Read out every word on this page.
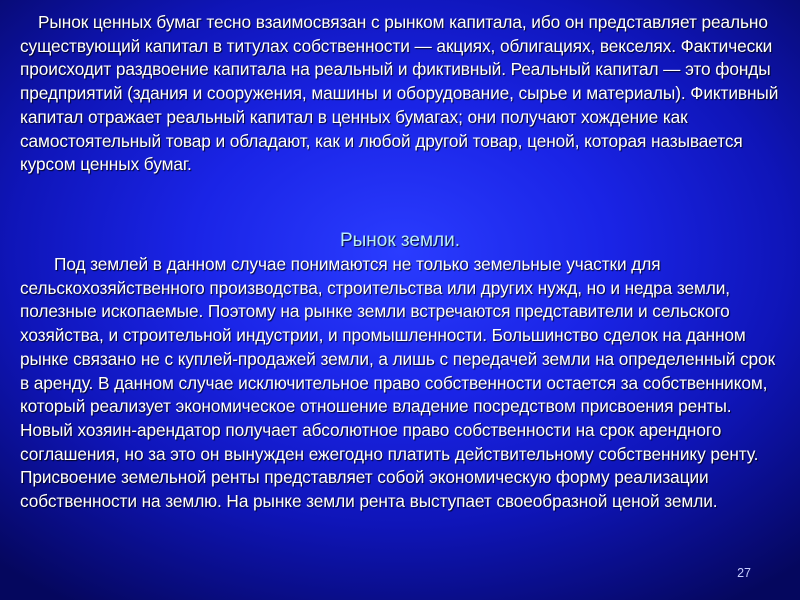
Рынок ценных бумаг тесно взаимосвязан с рынком капитала, ибо он представляет реально существующий капитал в титулах собственности — акциях, облигациях, векселях. Фактически происходит раздвоение капитала на реальный и фиктивный. Реальный капитал — это фонды предприятий (здания и сооружения, машины и оборудование, сырье и материалы). Фиктивный капитал отражает реальный капитал в ценных бумагах; они получают хождение как самостоятельный товар и обладают, как и любой другой товар, ценой, которая называется курсом ценных бумаг.

Рынок земли.

Под землей в данном случае понимаются не только земельные участки для сельскохозяйственного производства, строительства или других нужд, но и недра земли, полезные ископаемые. Поэтому на рынке земли встречаются представители и сельского хозяйства, и строительной индустрии, и промышленности. Большинство сделок на данном рынке связано не с куплей-продажей земли, а лишь с передачей земли на определенный срок в аренду. В данном случае исключительное право собственности остается за собственником, который реализует экономическое отношение владение посредством присвоения ренты. Новый хозяин-арендатор получает абсолютное право собственности на срок арендного соглашения, но за это он вынужден ежегодно платить действительному собственнику ренту. Присвоение земельной ренты представляет собой экономическую форму реализации собственности на землю. На рынке земли рента выступает своеобразной ценой земли.

27
